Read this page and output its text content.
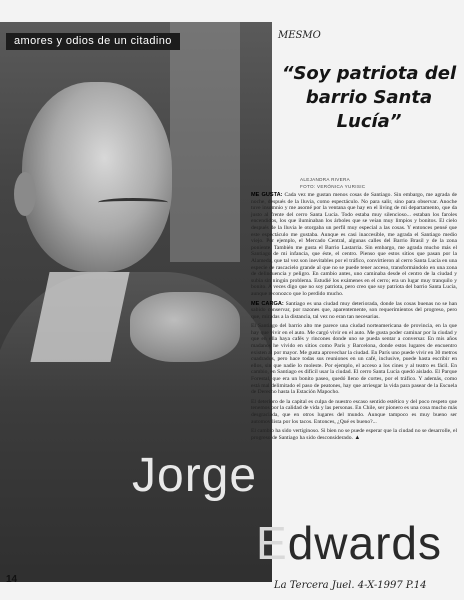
amores y odios de un citadino
Jorge
Edwards
MESMO
“Soy patriota del barrio Santa Lucía”
ALEJANDRA RIVERA
FOTO: VERÓNICA YURISIC

ME GUSTA: Cada vez me gustan menos cosas de Santiago. Sin embargo, me agrada de noche, después de la lluvia, como espectáculo. No para salir, sino para observar. Anoche tuve insomnio y me asomé por la ventana que hay en el living de mi departamento, que da justo al frente del cerro Santa Lucía. Todo estaba muy silencioso... estaban los faroles encendidos, los que iluminaban los árboles que se veían muy limpios y bonitos. El cielo después de la lluvia le otorgaba un perfil muy especial a las cosas. Y entonces pensé que este espectáculo me gustaba. Aunque es casi inaccesible, me agrada el Santiago medio viejo. Por ejemplo, el Mercado Central, algunas calles del Barrio Brasil y de la zona poniente. También me gusta el Barrio Lastarria. Sin embargo, me agrada mucho más el Santiago de mi infancia, que éste, el centro. Pienso que estos sitios que pasan por la Alameda, que tal vez son inevitables por el tráfico, convirtieron al cerro Santa Lucía en una especie de rascacielo grande al que no se puede tener acceso, transformándolo en una zona de delincuencia y peligro. En cambio antes, uno caminaba desde el centro de la ciudad y subía sin ningún problema. Estudié los exámenes en el cerro; era un lugar muy tranquilo y bonito. A veces digo que no soy patriota, pero creo que soy patriota del barrio Santa Lucía, aunque reconozco que lo perdido mucho.

ME CARGA: Santiago es una ciudad muy deteriorada, donde las cosas buenas no se han sabido conservar, por razones que, aparentemente, son requerimientos del progreso, pero que, miradas a la distancia, tal vez no eran tan necesarias.

El Santiago del barrio alto me parece una ciudad norteamericana de provincia, en la que hay que vivir en el auto. Me cargó vivir en el auto. Me gusta poder caminar por la ciudad y que en ella haya cafés y rincones donde uno se pueda sentar a conversar. En mis años madanos he vivido en sitios como París y Barcelona, donde estos lugares de encuentro existen al por mayor. Me gusta aprovechar la ciudad. En París uno puede vivir en 30 metros cuadrados, pero hace todas sus reuniones en un café, inclusive, puede hasta escribir en ellos, sin que nadie lo moleste. Por ejemplo, el acceso a los cines y al teatro es fácil. En cambio, en Santiago es difícil usar la ciudad. El cerro Santa Lucía quedó aislado. El Parque Forestal, que era un bonito paseo, quedó lleno de cortes, por el tráfico. Y además, como está mal delimitado el paso de peatones, hay que arriesgar la vida para pasear de la Escuela de Derecho hasta la Estación Mapocho.

El deterioro de la capital es culpa de nuestro escaso sentido estético y del poco respeto que tenemos por la calidad de vida y las personas. En Chile, ser pionero es una cosa mucho más desgraciada, que en otros lugares del mundo. Aunque tampoco es muy bueno ser automovilista por los tacos. Entonces, ¿Qué es bueno?...

El cambio ha sido vertiginoso. Si bien no se puede esperar que la ciudad no se desarrolle, el progreso de Santiago ha sido desconsiderado. ▲

14
La Tercera Juel. 4-X-1997 P.14
